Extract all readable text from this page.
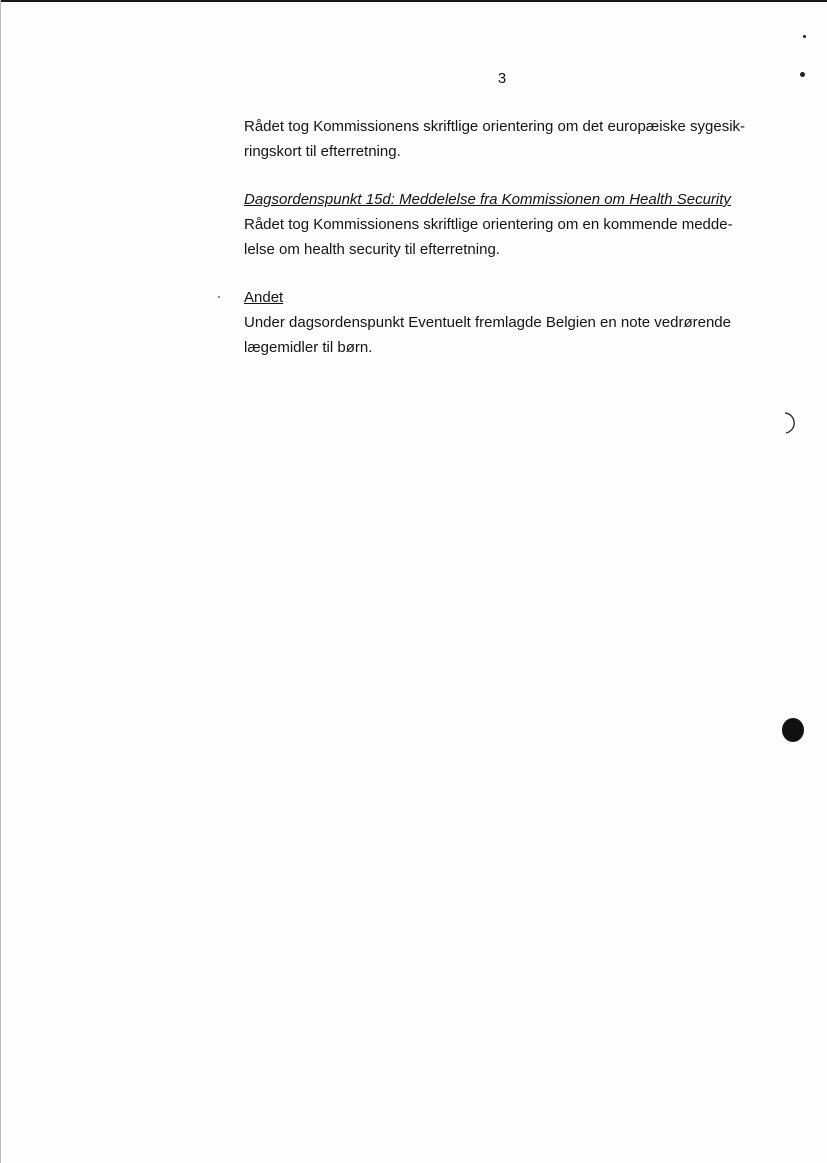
3

Rådet tog Kommissionens skriftlige orientering om det europæiske sygesik-

ringskort til efterretning.

Dagsordenspunkt 15d: Meddelelse fra Kommissionen om Health Security

Rådet tog Kommissionens skriftlige orientering om en kommende medde-

lelse om health security til efterretning.

Andet

Under dagsordenspunkt Eventuelt fremlagde Belgien en note vedrørende

lægemidler til børn.
